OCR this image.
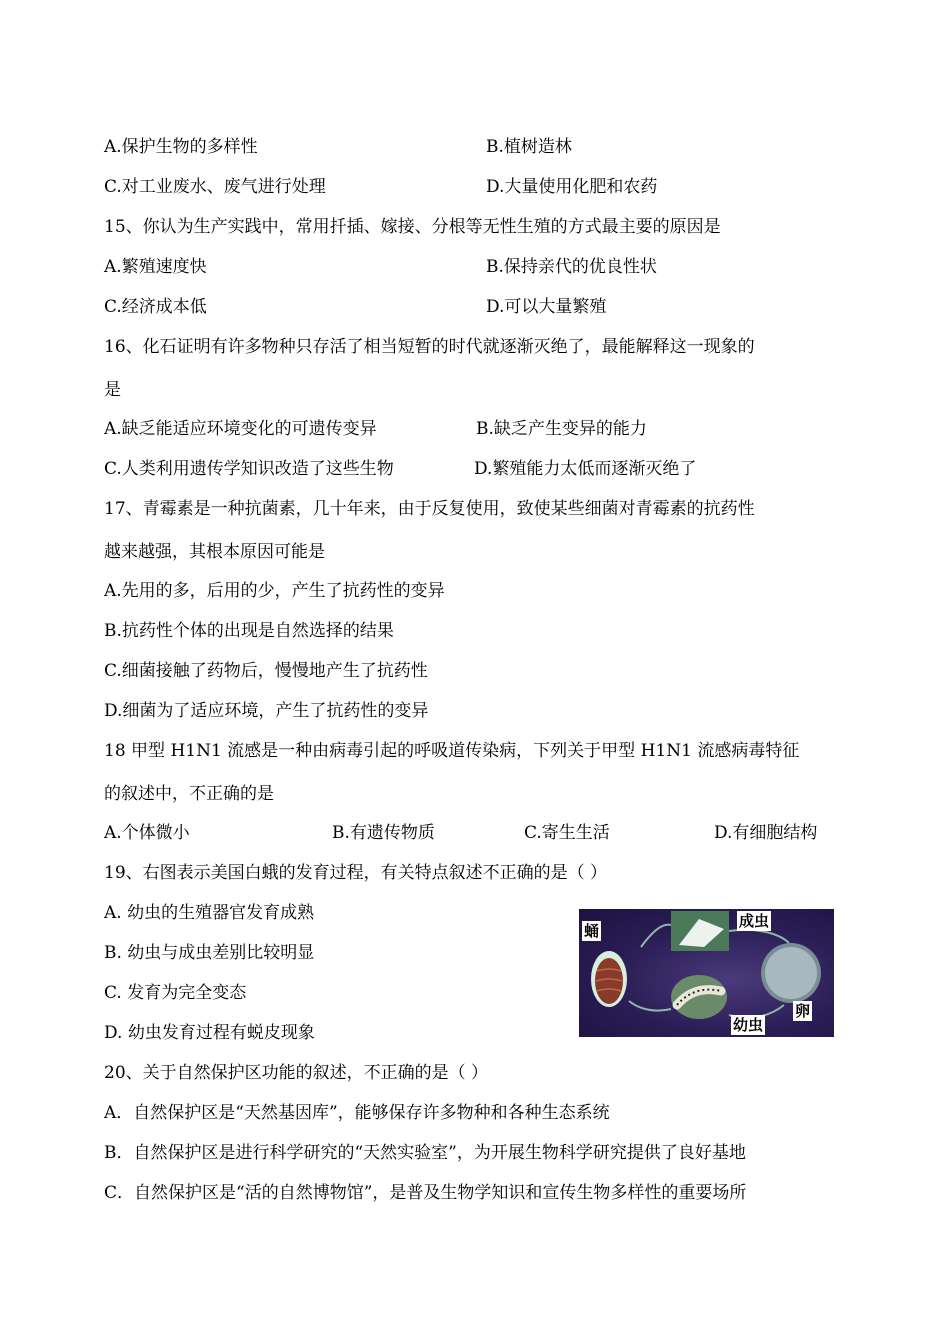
A.保护生物的多样性	B.植树造林
C.对工业废水、废气进行处理	D.大量使用化肥和农药
15、你认为生产实践中，常用扦插、嫁接、分根等无性生殖的方式最主要的原因是
A.繁殖速度快	B.保持亲代的优良性状
C.经济成本低	D.可以大量繁殖
16、化石证明有许多物种只存活了相当短暂的时代就逐渐灭绝了，最能解释这一现象的
是
A.缺乏能适应环境变化的可遗传变异	B.缺乏产生变异的能力
C.人类利用遗传学知识改造了这些生物	D.繁殖能力太低而逐渐灭绝了
17、青霉素是一种抗菌素，几十年来，由于反复使用，致使某些细菌对青霉素的抗药性
越来越强，其根本原因可能是
A.先用的多，后用的少，产生了抗药性的变异
B.抗药性个体的出现是自然选择的结果
C.细菌接触了药物后，慢慢地产生了抗药性
D.细菌为了适应环境，产生了抗药性的变异
18 甲型 H1N1 流感是一种由病毒引起的呼吸道传染病，下列关于甲型 H1N1 流感病毒特征
的叙述中，不正确的是
A.个体微小	B.有遗传物质	C.寄生生活	D.有细胞结构
19、右图表示美国白蛾的发育过程，有关特点叙述不正确的是（ ）
A. 幼虫的生殖器官发育成熟
B. 幼虫与成虫差别比较明显
C. 发育为完全变态
D. 幼虫发育过程有蜕皮现象
蛹
成虫
卵
幼虫
20、关于自然保护区功能的叙述，不正确的是（ ）
A．自然保护区是“天然基因库”，能够保存许多物种和各种生态系统
B．自然保护区是进行科学研究的“天然实验室”，为开展生物科学研究提供了良好基地
C．自然保护区是“活的自然博物馆”，是普及生物学知识和宣传生物多样性的重要场所
